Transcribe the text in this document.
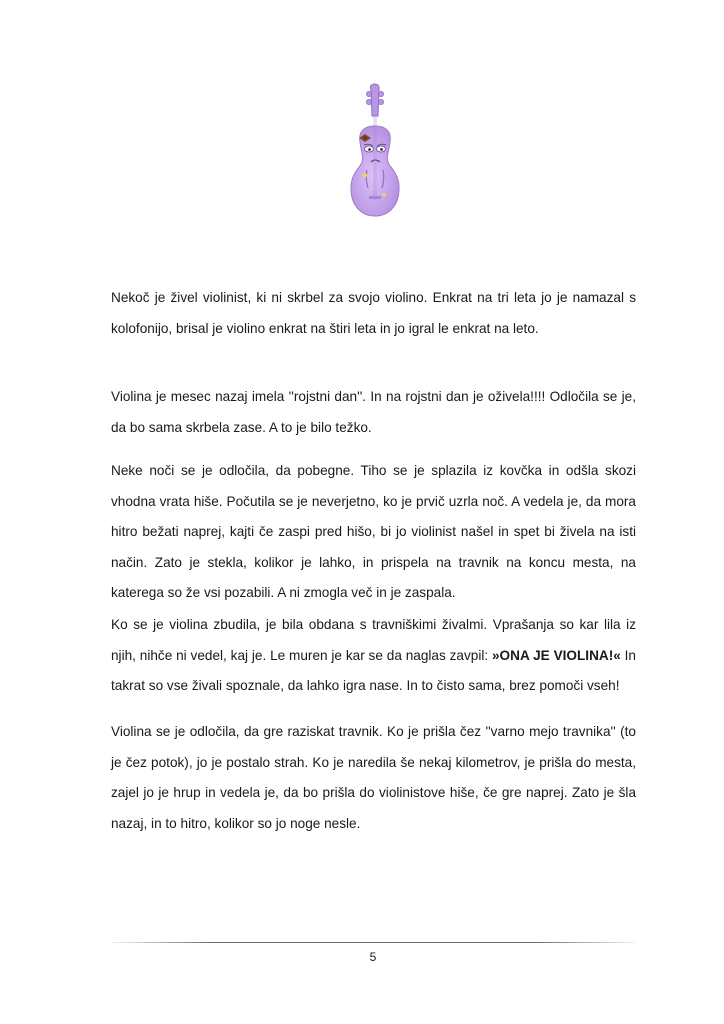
Nekoč je živel violinist, ki ni skrbel za svojo violino. Enkrat na tri leta jo je namazal s kolofonijo, brisal je violino enkrat na štiri leta in jo igral le enkrat na leto.

Violina je mesec nazaj imela ''rojstni dan''. In na rojstni dan je oživela!!!! Odločila se je, da bo sama skrbela zase. A to je bilo težko.

Neke noči se je odločila, da pobegne. Tiho se je splazila iz kovčka in odšla skozi vhodna vrata hiše. Počutila se je neverjetno, ko je prvič uzrla noč. A vedela je, da mora hitro bežati naprej, kajti če zaspi pred hišo, bi jo violinist našel in spet bi živela na isti način. Zato je stekla, kolikor je lahko, in prispela na travnik na koncu mesta, na katerega so že vsi pozabili. A ni zmogla več in je zaspala.

Ko se je violina zbudila, je bila obdana s travniškimi živalmi. Vprašanja so kar lila iz njih, nihče ni vedel, kaj je. Le muren je kar se da naglas zavpil: »ONA JE VIOLINA!« In takrat so vse živali spoznale, da lahko igra nase. In to čisto sama, brez pomoči vseh!

Violina se je odločila, da gre raziskat travnik. Ko je prišla čez ''varno mejo travnika'' (to je čez potok), jo je postalo strah. Ko je naredila še nekaj kilometrov, je prišla do mesta, zajel jo je hrup in vedela je, da bo prišla do violinistove hiše, če gre naprej. Zato je šla nazaj, in to hitro, kolikor so jo noge nesle.

5
